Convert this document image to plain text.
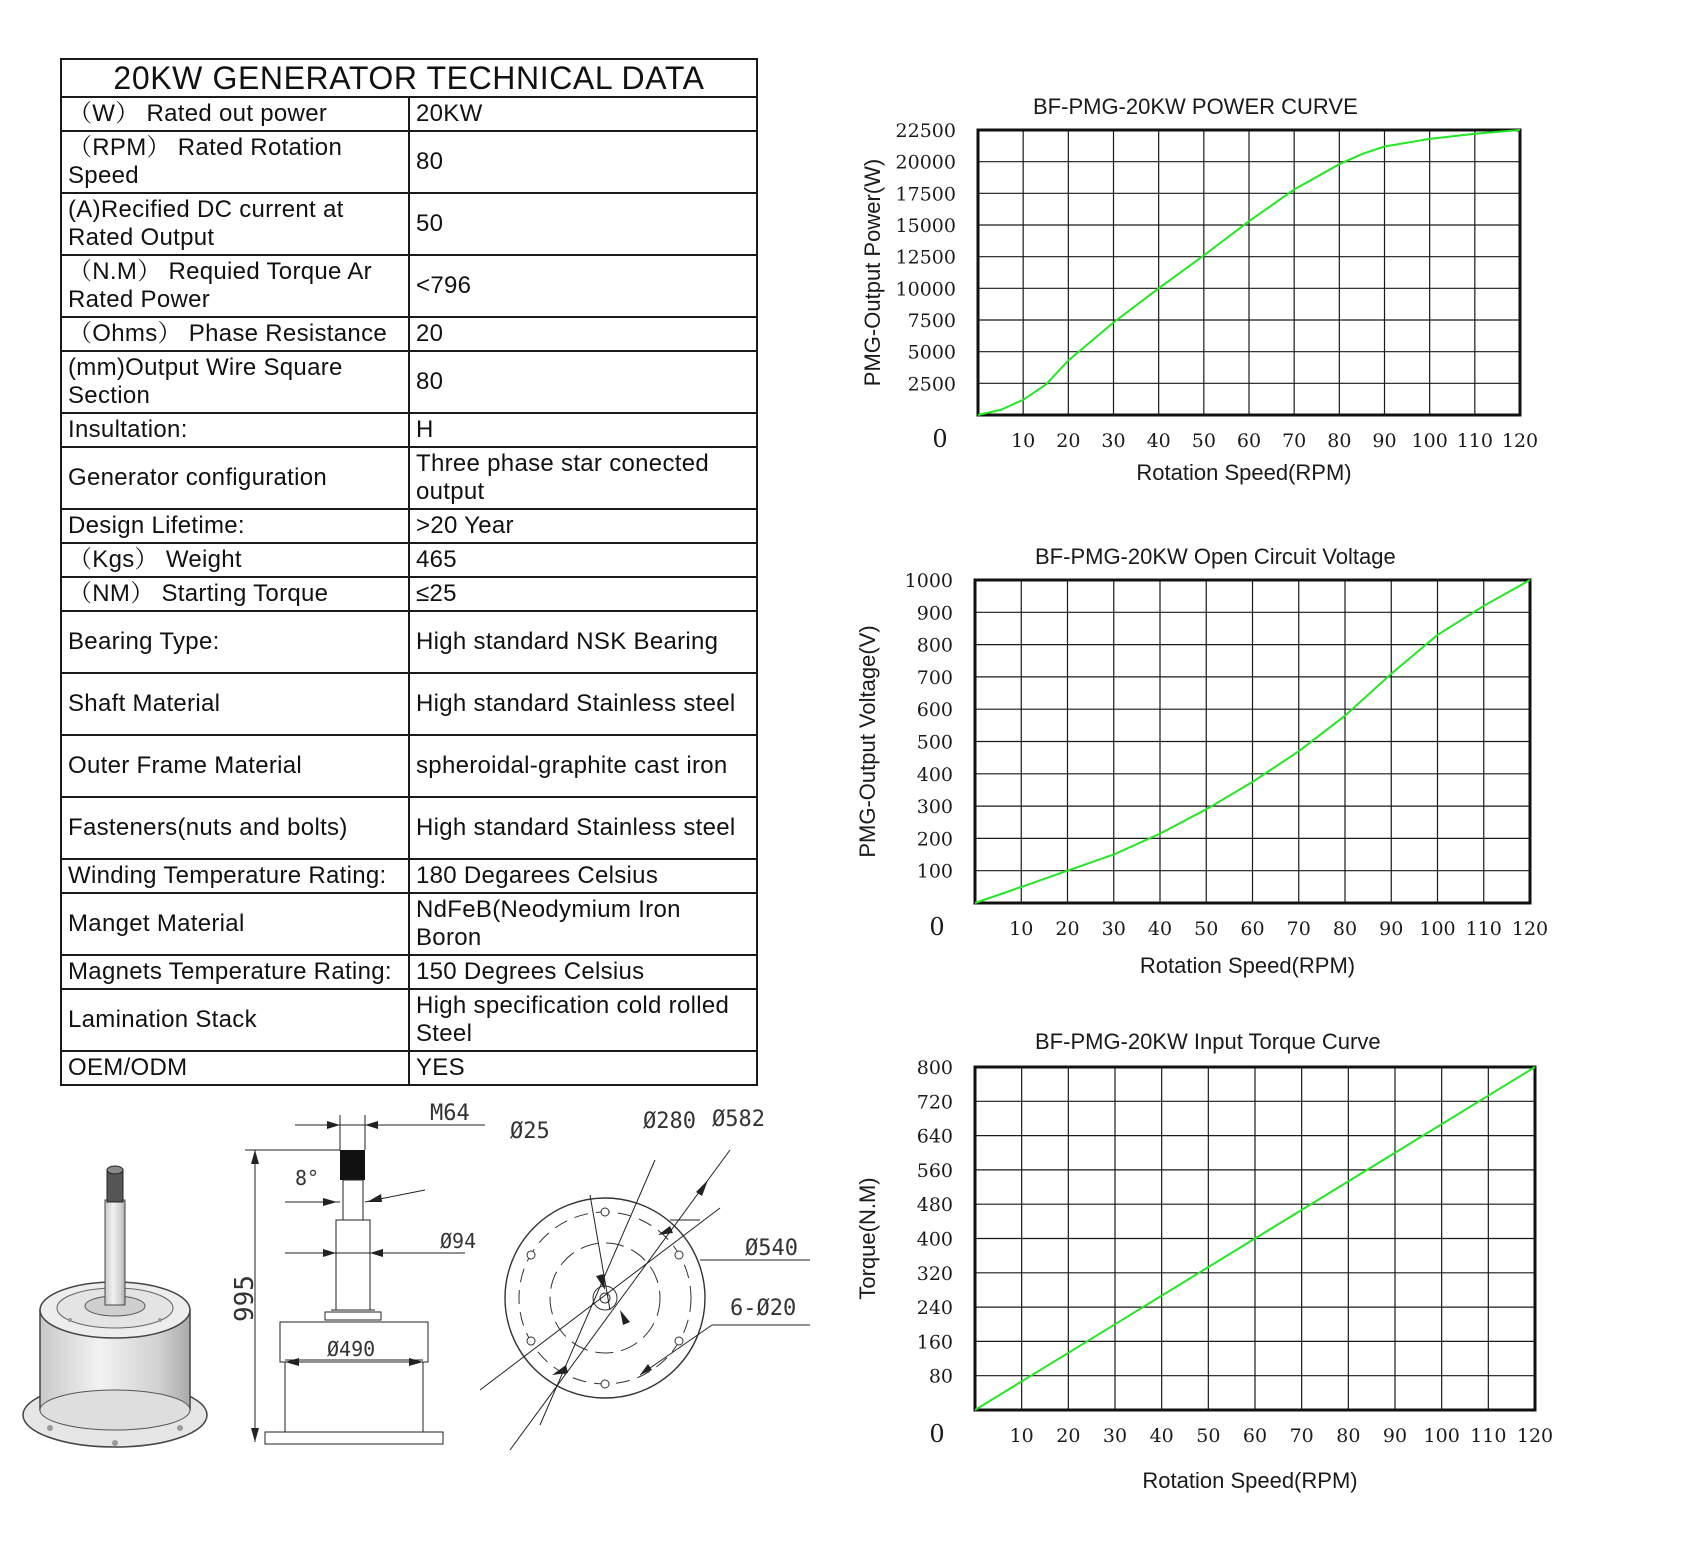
20KW GENERATOR TECHNICAL DATA	
（W） Rated out power	20KW
（RPM） Rated Rotation Speed	80
(A)Recified DC current at Rated Output	50
（N.M） Requied Torque Ar Rated Power	<796
（Ohms） Phase Resistance	20
(mm)Output Wire Square Section	80
Insultation:	H
Generator configuration	Three phase star conected output
Design Lifetime:	>20 Year
（Kgs） Weight	465
（NM） Starting Torque	≤25
Bearing Type:	High standard NSK Bearing
Shaft Material	High standard Stainless steel
Outer Frame Material	spheroidal-graphite cast iron
Fasteners(nuts and bolts)	High standard Stainless steel
Winding Temperature Rating:	180 Degarees Celsius
Manget Material	NdFeB(Neodymium Iron Boron
Magnets Temperature Rating:	150 Degrees Celsius
Lamination Stack	High specification cold rolled Steel
OEM/ODM	YES
BF-PMG-20KW POWER CURVE
10 20 30 40 50 60 70 80 90 100 110 120
2500
5000
7500
10000
12500
15000
17500
20000
22500
0
Rotation Speed(RPM)
PMG-Output Power(W)
BF-PMG-20KW Open Circuit Voltage
10 20 30 40 50 60 70 80 90 100 110 120
100
200
300
400
500
600
700
800
900
1000
0
Rotation Speed(RPM)
PMG-Output Voltage(V)
BF-PMG-20KW Input Torque Curve
10 20 30 40 50 60 70 80 90 100 110 120
80
160
240
320
400
480
560
640
720
800
0
Rotation Speed(RPM)
Torque(N.M)
M64
8°
Ø94
995
Ø490
Ø25	Ø280 Ø582
Ø540
6-Ø20
